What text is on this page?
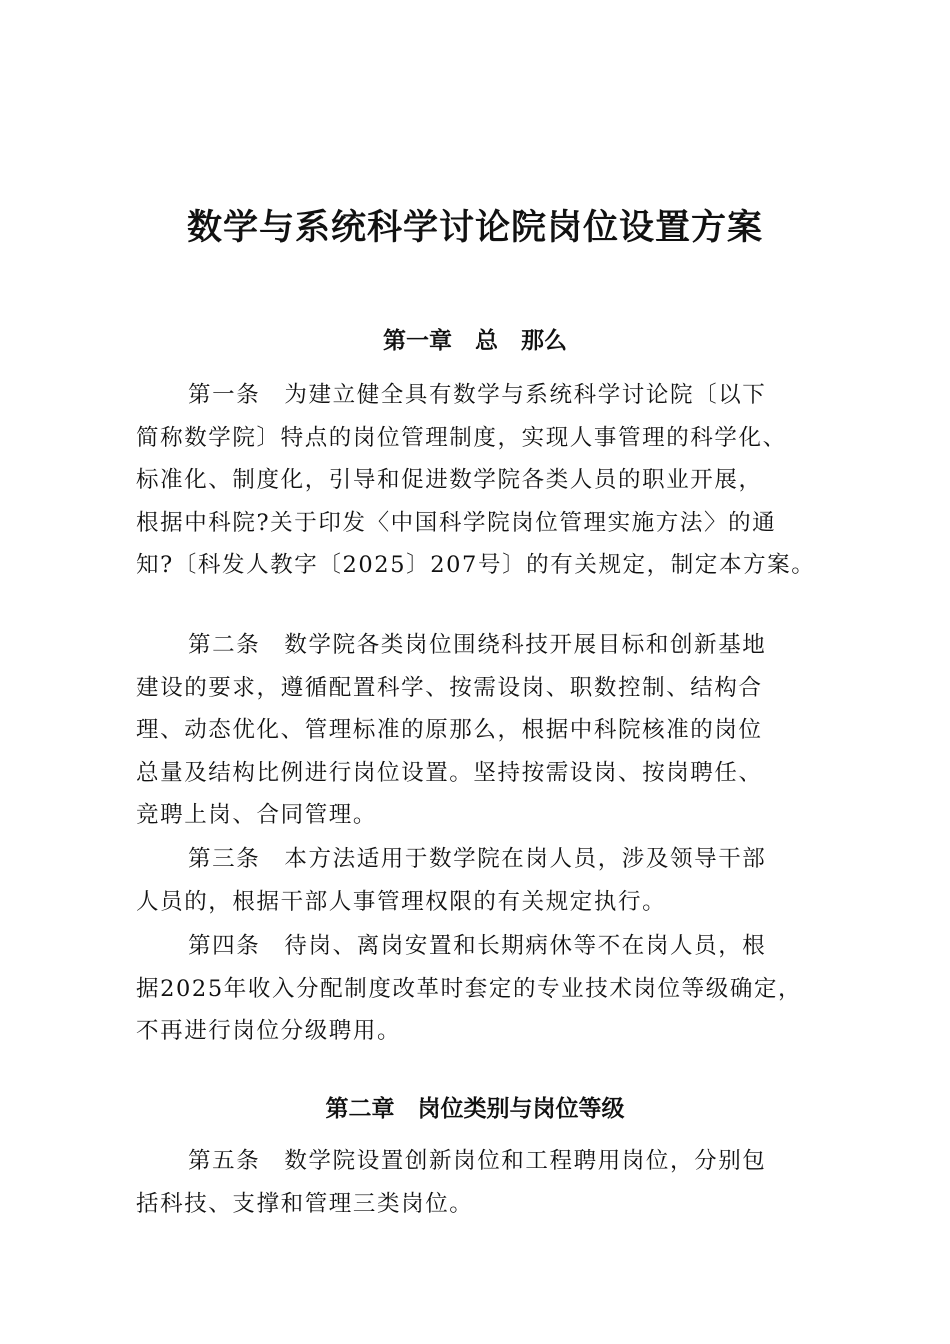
数学与系统科学讨论院岗位设置方案
第一章　总　那么
第一条　为建立健全具有数学与系统科学讨论院〔以下
简称数学院〕特点的岗位管理制度，实现人事管理的科学化、
标准化、制度化，引导和促进数学院各类人员的职业开展，
根据中科院?关于印发〈中国科学院岗位管理实施方法〉的通
知?〔科发人教字〔2025〕207号〕的有关规定，制定本方案。
第二条　数学院各类岗位围绕科技开展目标和创新基地
建设的要求，遵循配置科学、按需设岗、职数控制、结构合
理、动态优化、管理标准的原那么，根据中科院核准的岗位
总量及结构比例进行岗位设置。坚持按需设岗、按岗聘任、
竞聘上岗、合同管理。
第三条　本方法适用于数学院在岗人员，涉及领导干部
人员的，根据干部人事管理权限的有关规定执行。
第四条　待岗、离岗安置和长期病休等不在岗人员，根
据2025年收入分配制度改革时套定的专业技术岗位等级确定，
不再进行岗位分级聘用。
第二章　岗位类别与岗位等级
第五条　数学院设置创新岗位和工程聘用岗位，分别包
括科技、支撑和管理三类岗位。
